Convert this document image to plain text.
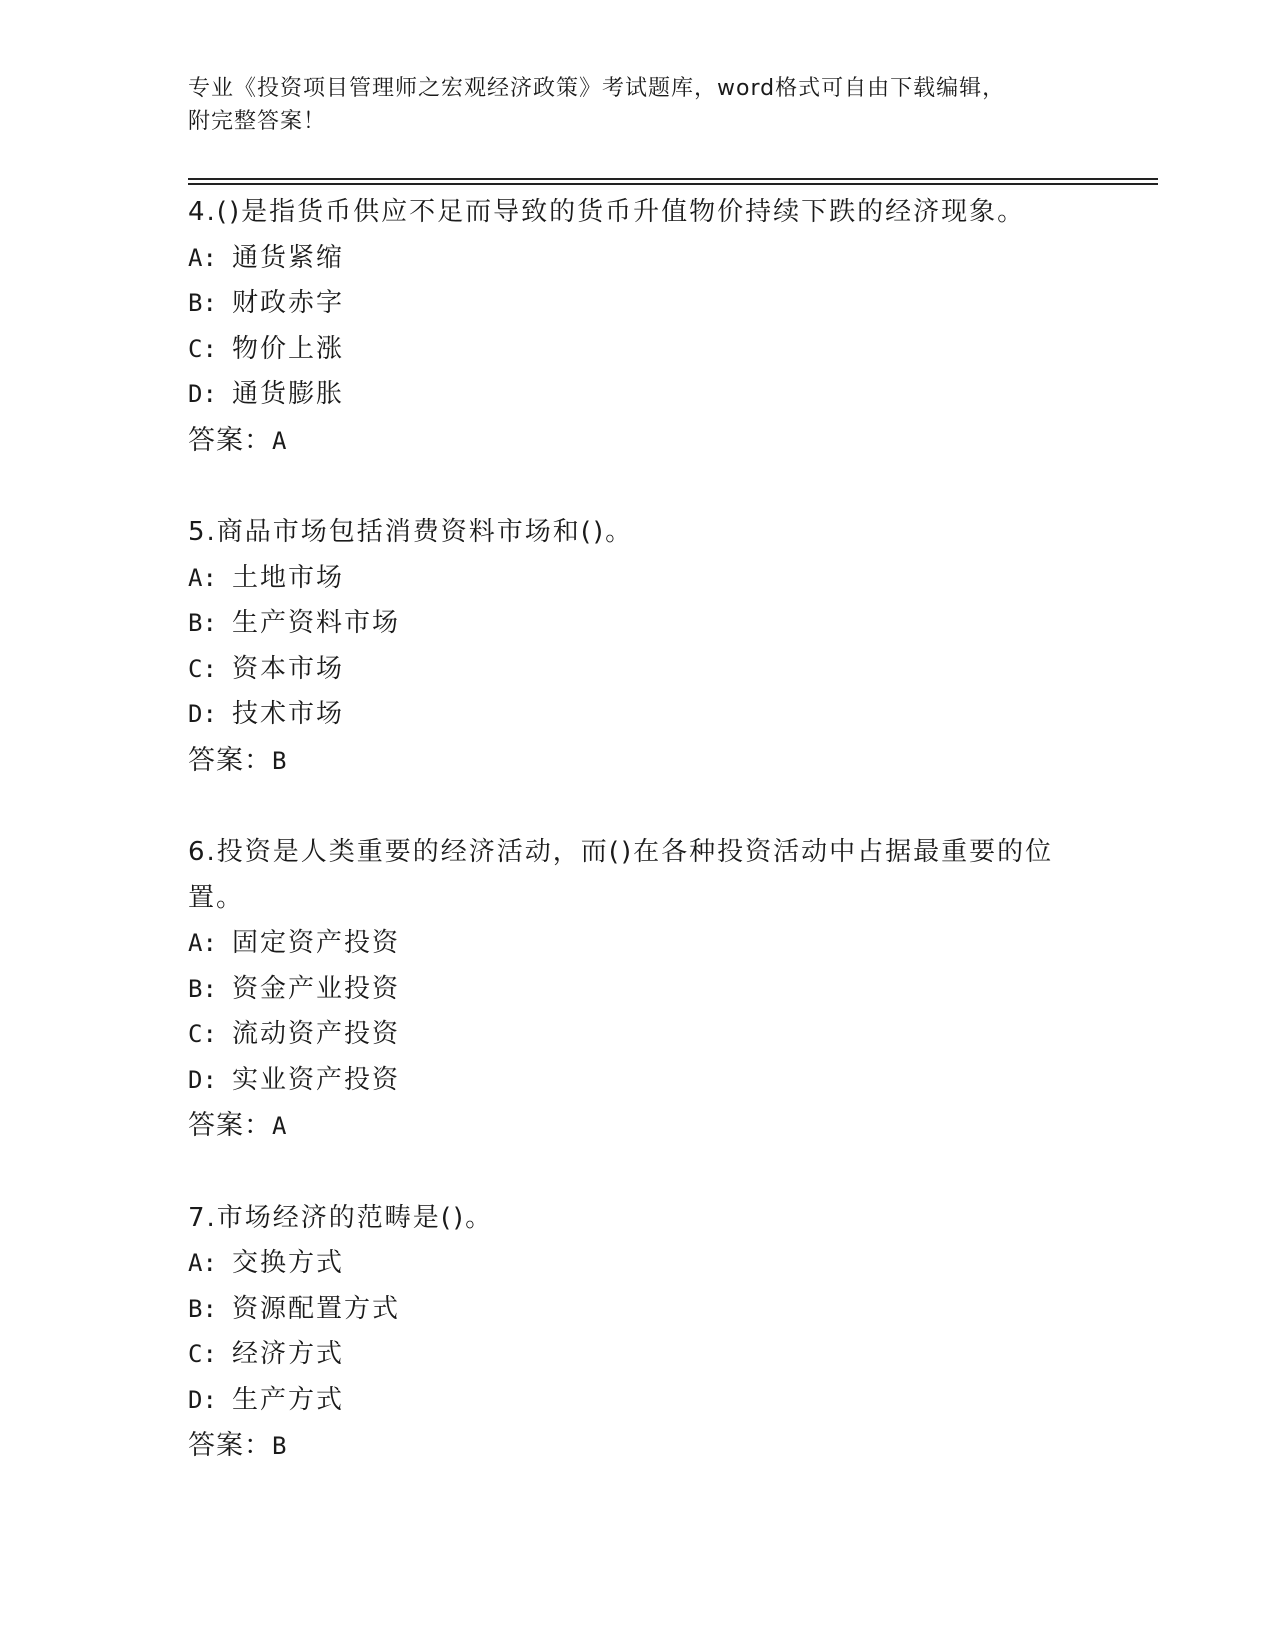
专业《投资项目管理师之宏观经济政策》考试题库，word格式可自由下载编辑，
附完整答案！
4.()是指货币供应不足而导致的货币升值物价持续下跌的经济现象。
A: 通货紧缩
B: 财政赤字
C: 物价上涨
D: 通货膨胀
答案：A
5.商品市场包括消费资料市场和()。
A: 土地市场
B: 生产资料市场
C: 资本市场
D: 技术市场
答案：B
6.投资是人类重要的经济活动，而()在各种投资活动中占据最重要的位置。
A: 固定资产投资
B: 资金产业投资
C: 流动资产投资
D: 实业资产投资
答案：A
7.市场经济的范畴是()。
A: 交换方式
B: 资源配置方式
C: 经济方式
D: 生产方式
答案：B
